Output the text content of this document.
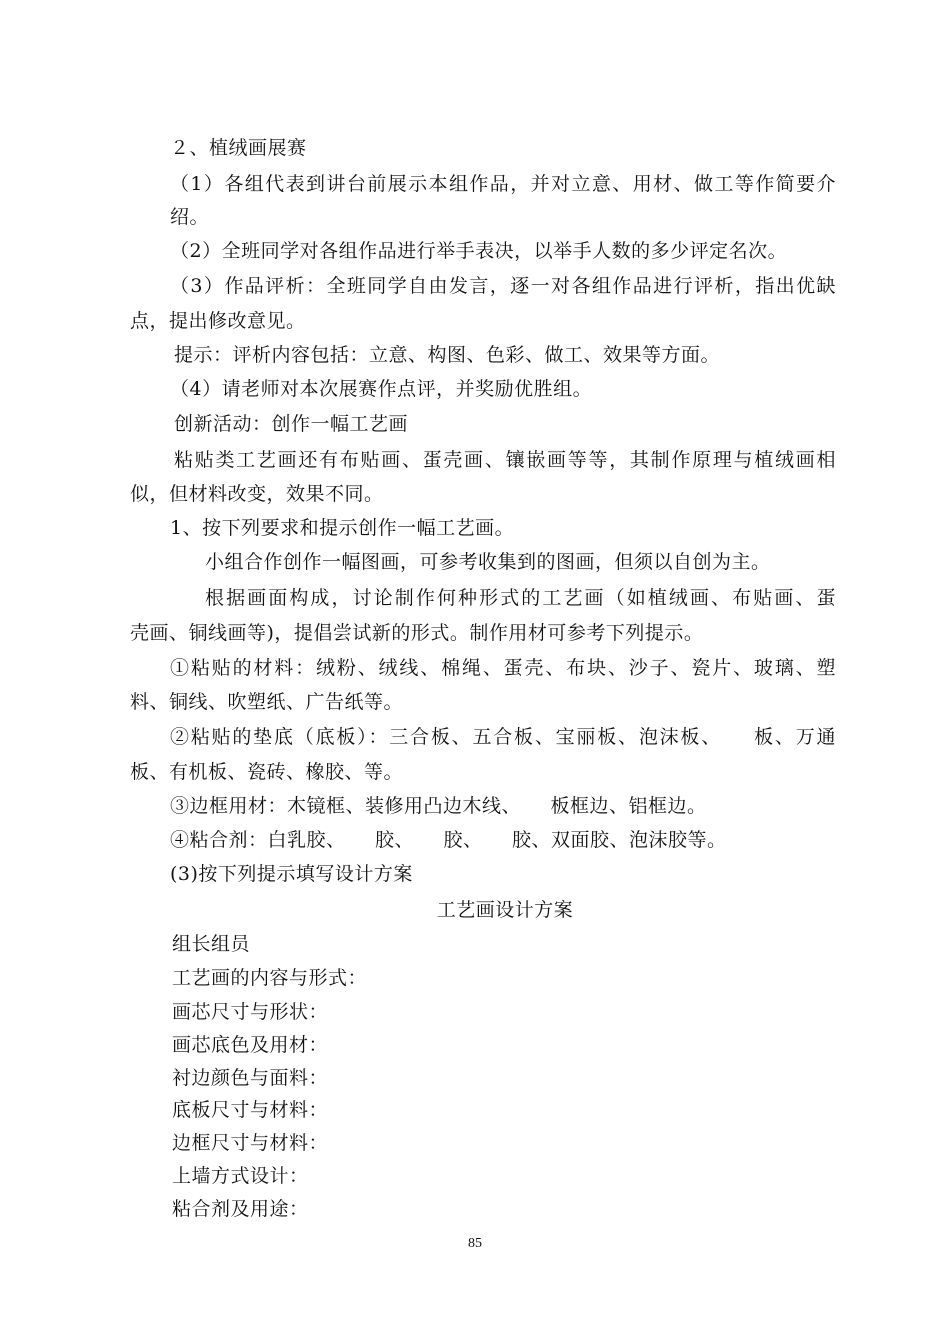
２、植绒画展赛
（1）各组代表到讲台前展示本组作品，并对立意、用材、做工等作简要介
绍。
（2）全班同学对各组作品进行举手表决，以举手人数的多少评定名次。
（3）作品评析：全班同学自由发言，逐一对各组作品进行评析，指出优缺
点，提出修改意见。
提示：评析内容包括：立意、构图、色彩、做工、效果等方面。
（4）请老师对本次展赛作点评，并奖励优胜组。
创新活动：创作一幅工艺画
粘贴类工艺画还有布贴画、蛋壳画、镶嵌画等等，其制作原理与植绒画相
似，但材料改变，效果不同。
1、按下列要求和提示创作一幅工艺画。
小组合作创作一幅图画，可参考收集到的图画，但须以自创为主。
根据画面构成，讨论制作何种形式的工艺画（如植绒画、布贴画、蛋
壳画、铜线画等)，提倡尝试新的形式。制作用材可参考下列提示。
①粘贴的材料：绒粉、绒线、棉绳、蛋壳、布块、沙子、瓷片、玻璃、塑
料、铜线、吹塑纸、广告纸等。
②粘贴的垫底（底板）：三合板、五合板、宝丽板、泡沫板、　　板、万通
板、有机板、瓷砖、橡胶、等。
③边框用材：木镜框、装修用凸边木线、　　板框边、铝框边。
④粘合剂：白乳胶、　　胶、　　胶、　　胶、双面胶、泡沫胶等。
(3)按下列提示填写设计方案
工艺画设计方案
组长组员
工艺画的内容与形式：
画芯尺寸与形状：
画芯底色及用材：
衬边颜色与面料：
底板尺寸与材料：
边框尺寸与材料：
上墙方式设计：
粘合剂及用途：
85
